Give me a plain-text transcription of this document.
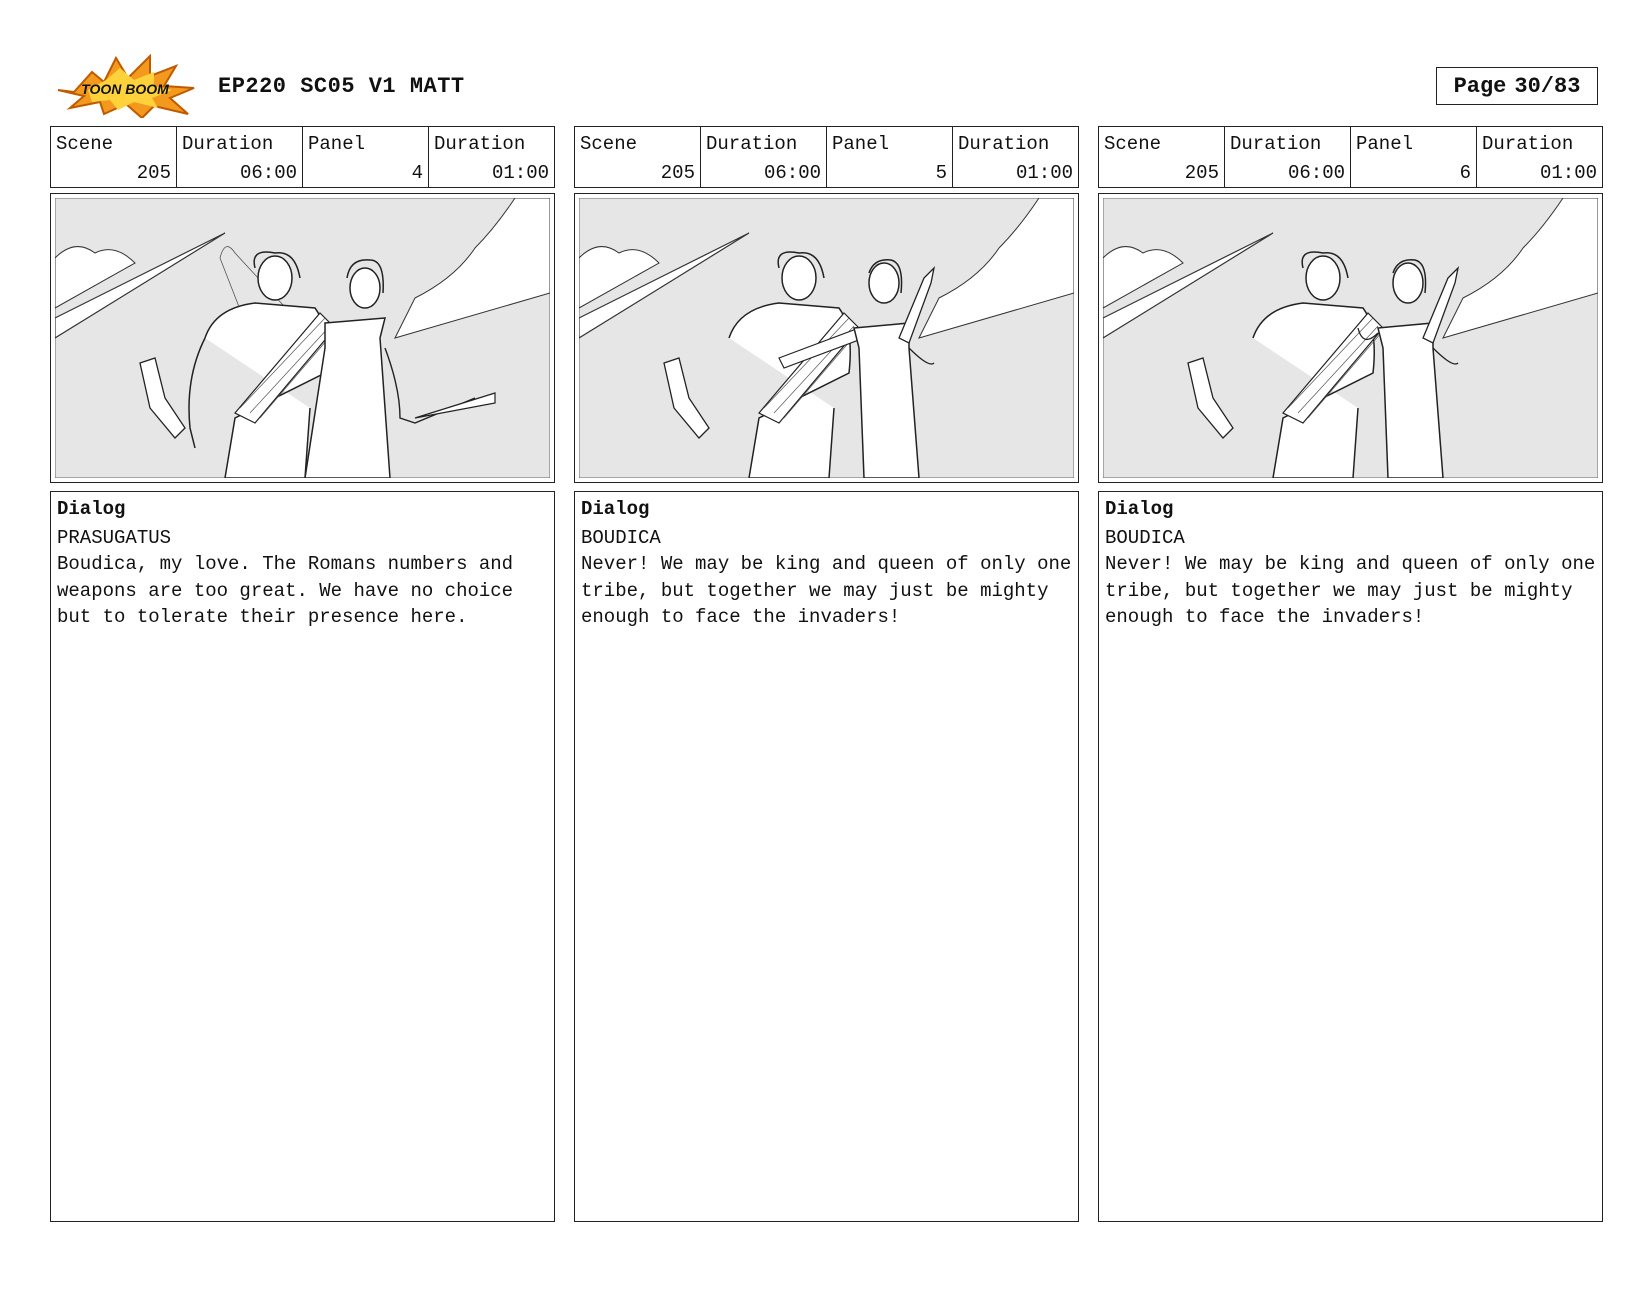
TOON BOOM EP220 SC05 V1 MATT	Page 30/83
Scene
205
Duration
06:00
Panel
4
Duration
01:00
Dialog
PRASUGATUS
Boudica, my love. The Romans numbers and weapons are too great. We have no choice but to tolerate their presence here.
Scene
205
Duration
06:00
Panel
5
Duration
01:00
Dialog
BOUDICA
Never! We may be king and queen of only one tribe, but together we may just be mighty enough to face the invaders!
Scene
205
Duration
06:00
Panel
6
Duration
01:00
Dialog
BOUDICA
Never! We may be king and queen of only one tribe, but together we may just be mighty enough to face the invaders!
